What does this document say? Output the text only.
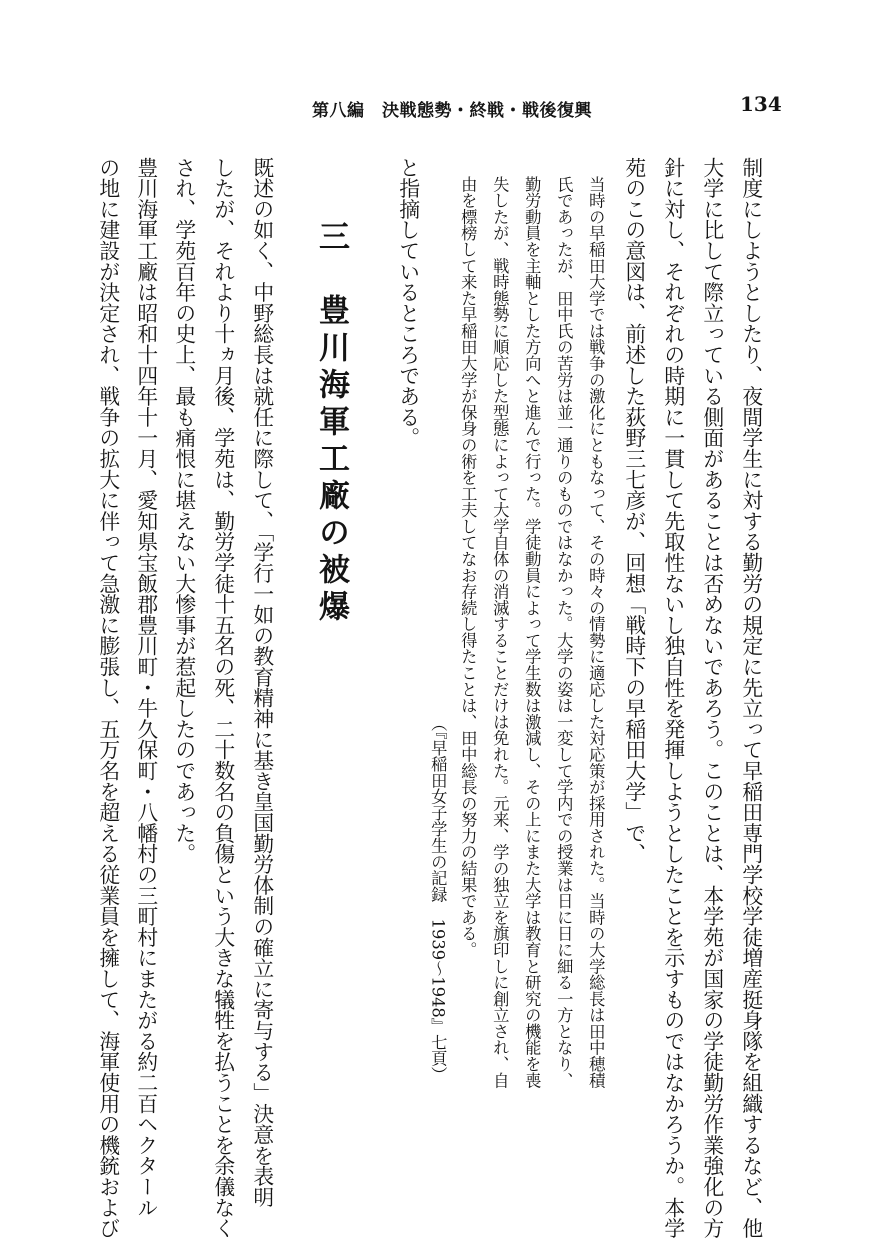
第八編　決戦態勢・終戦・戦後復興	134
制度にしようとしたり、夜間学生に対する勤労の規定に先立って早稲田専門学校学徒増産挺身隊を組織するなど、他
大学に比して際立っている側面があることは否めないであろう。このことは、本学苑が国家の学徒勤労作業強化の方
針に対し、それぞれの時期に一貫して先取性ないし独自性を発揮しようとしたことを示すものではなかろうか。本学
苑のこの意図は、前述した荻野三七彦が、回想「戦時下の早稲田大学」で、
当時の早稲田大学では戦争の激化にともなって、その時々の情勢に適応した対応策が採用された。当時の大学総長は田中穂積
氏であったが、田中氏の苦労は並一通りのものではなかった。大学の姿は一変して学内での授業は日に日に細る一方となり、
勤労動員を主軸とした方向へと進んで行った。学徒動員によって学生数は激減し、その上にまた大学は教育と研究の機能を喪
失したが、戦時態勢に順応した型態によって大学自体の消滅することだけは免れた。元来、学の独立を旗印しに創立され、自
由を標榜して来た早稲田大学が保身の術を工夫してなお存続し得たことは、田中総長の努力の結果である。
（『早稲田女子学生の記録　1939〜1948』七頁）
と指摘しているところである。
三　豊川海軍工廠の被爆
既述の如く、中野総長は就任に際して、「学行一如の教育精神に基き皇国勤労体制の確立に寄与する」決意を表明
したが、それより十ヵ月後、学苑は、勤労学徒十五名の死、二十数名の負傷という大きな犠牲を払うことを余儀なく
され、学苑百年の史上、最も痛恨に堪えない大惨事が惹起したのであった。
豊川海軍工廠は昭和十四年十一月、愛知県宝飯郡豊川町・牛久保町・八幡村の三町村にまたがる約二百ヘクタール
の地に建設が決定され、戦争の拡大に伴って急激に膨張し、五万名を超える従業員を擁して、海軍使用の機銃および
